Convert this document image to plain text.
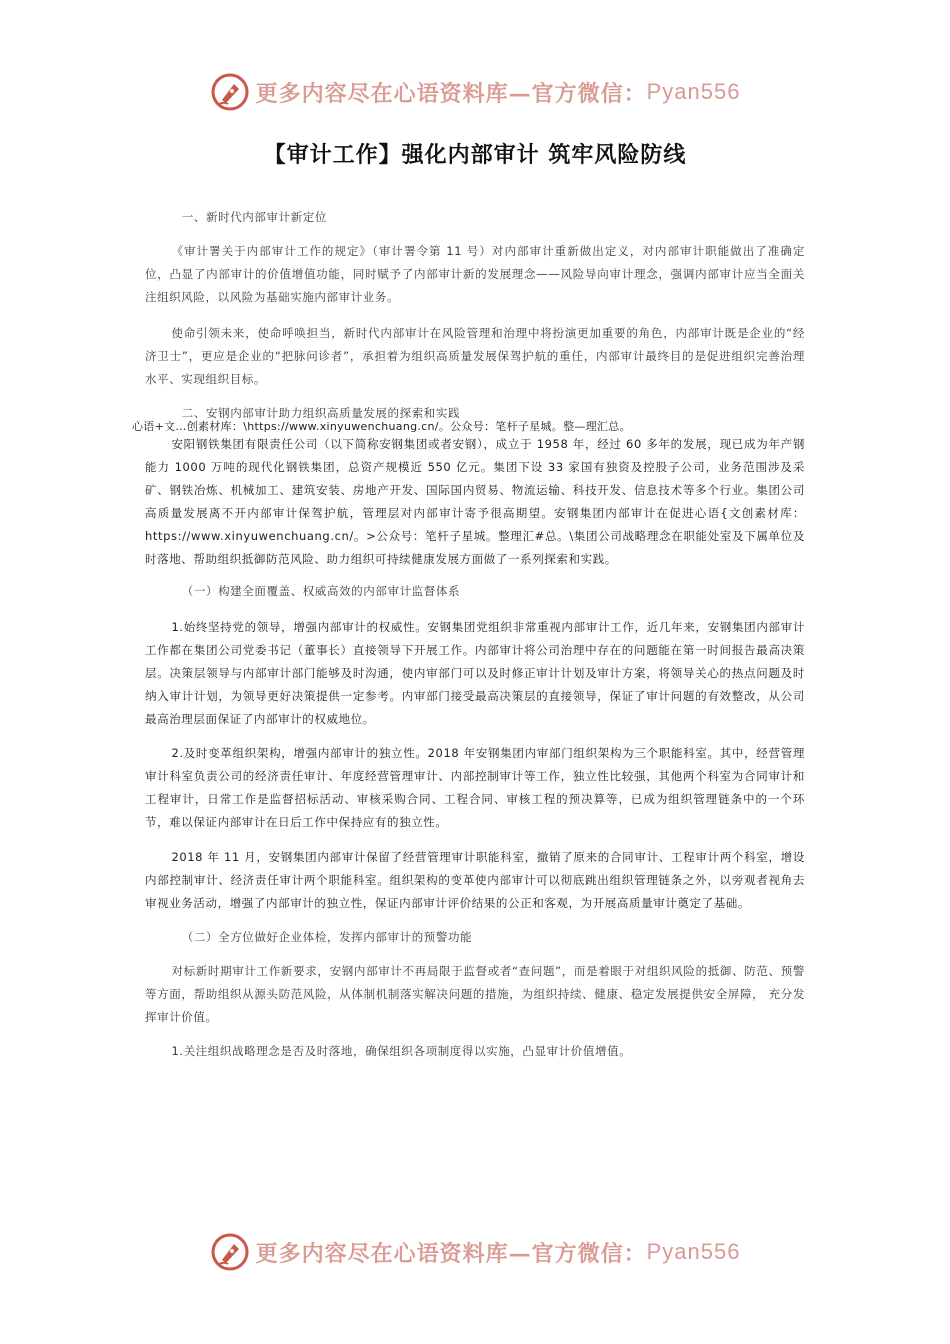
更多内容尽在心语资料库—官方微信： Pyan556
【审计工作】强化内部审计 筑牢风险防线

一、新时代内部审计新定位

《审计署关于内部审计工作的规定》（审计署令第 11 号）对内部审计重新做出定义，对内部审计职能做出了准确定位，凸显了内部审计的价值增值功能，同时赋予了内部审计新的发展理念——风险导向审计理念，强调内部审计应当全面关注组织风险，以风险为基础实施内部审计业务。

使命引领未来，使命呼唤担当，新时代内部审计在风险管理和治理中将扮演更加重要的角色，内部审计既是企业的“经济卫士”，更应是企业的“把脉问诊者”，承担着为组织高质量发展保驾护航的重任，内部审计最终目的是促进组织完善治理水平、实现组织目标。

二、安钢内部审计助力组织高质量发展的探索和实践

心语+文…创素材库：\https://www.xinyuwenchuang.cn/。公众号：笔杆子星城。整—理汇总。

安阳钢铁集团有限责任公司（以下简称安钢集团或者安钢），成立于 1958 年，经过 60 多年的发展，现已成为年产钢能力 1000 万吨的现代化钢铁集团，总资产规模近 550 亿元。集团下设 33 家国有独资及控股子公司，业务范围涉及采矿、钢铁冶炼、机械加工、建筑安装、房地产开发、国际国内贸易、物流运输、科技开发、信息技术等多个行业。集团公司高质量发展离不开内部审计保驾护航，管理层对内部审计寄予很高期望。安钢集团内部审计在促进心语{文创素材库：https://www.xinyuwenchuang.cn/。>公众号：笔杆子星城。整理汇#总。\集团公司战略理念在职能处室及下属单位及时落地、帮助组织抵御防范风险、助力组织可持续健康发展方面做了一系列探索和实践。

（一）构建全面覆盖、权威高效的内部审计监督体系

1.始终坚持党的领导，增强内部审计的权威性。安钢集团党组织非常重视内部审计工作，近几年来，安钢集团内部审计工作都在集团公司党委书记（董事长）直接领导下开展工作。内部审计将公司治理中存在的问题能在第一时间报告最高决策层。决策层领导与内部审计部门能够及时沟通，使内审部门可以及时修正审计计划及审计方案，将领导关心的热点问题及时纳入审计计划，为领导更好决策提供一定参考。内审部门接受最高决策层的直接领导，保证了审计问题的有效整改，从公司最高治理层面保证了内部审计的权威地位。

2.及时变革组织架构，增强内部审计的独立性。2018 年安钢集团内审部门组织架构为三个职能科室。其中，经营管理审计科室负责公司的经济责任审计、年度经营管理审计、内部控制审计等工作，独立性比较强，其他两个科室为合同审计和工程审计，日常工作是监督招标活动、审核采购合同、工程合同、审核工程的预决算等，已成为组织管理链条中的一个环节，难以保证内部审计在日后工作中保持应有的独立性。

2018 年 11 月，安钢集团内部审计保留了经营管理审计职能科室，撤销了原来的合同审计、工程审计两个科室，增设内部控制审计、经济责任审计两个职能科室。组织架构的变革使内部审计可以彻底跳出组织管理链条之外，以旁观者视角去审视业务活动，增强了内部审计的独立性，保证内部审计评价结果的公正和客观，为开展高质量审计奠定了基础。

（二）全方位做好企业体检，发挥内部审计的预警功能

对标新时期审计工作新要求，安钢内部审计不再局限于监督或者“查问题”，而是着眼于对组织风险的抵御、防范、预警等方面，帮助组织从源头防范风险，从体制机制落实解决问题的措施，为组织持续、健康、稳定发展提供安全屏障， 充分发挥审计价值。

1.关注组织战略理念是否及时落地，确保组织各项制度得以实施，凸显审计价值增值。

更多内容尽在心语资料库—官方微信： Pyan556
